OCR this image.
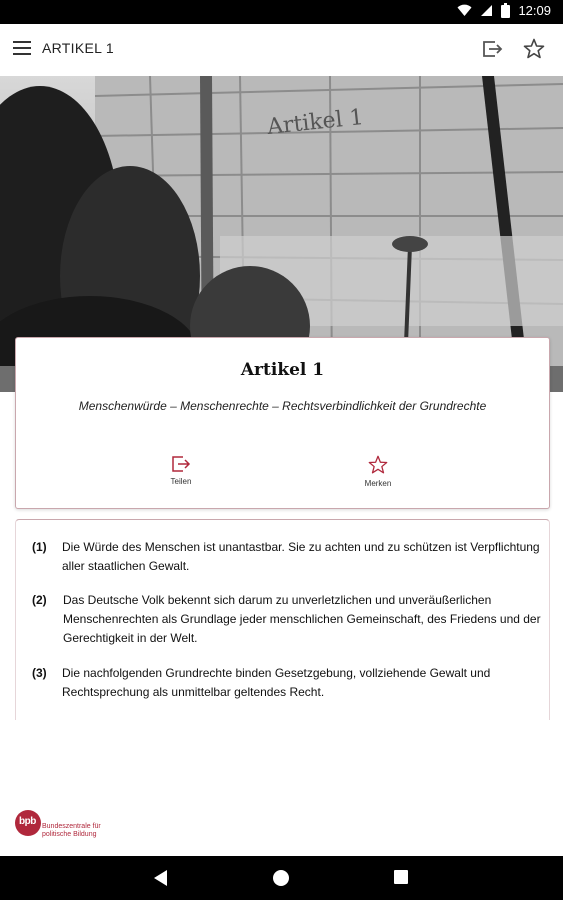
12:09
ARTIKEL 1
Artikel 1
Artikel 1
Menschenwürde – Menschenrechte – Rechtsverbindlichkeit der Grundrechte
Teilen	Merken
(1) Die Würde des Menschen ist unantastbar. Sie zu achten und zu schützen ist Verpflichtung aller staatlichen Gewalt.
(2) Das Deutsche Volk bekennt sich darum zu unverletzlichen und unveräußerlichen Menschenrechten als Grundlage jeder menschlichen Gemeinschaft, des Friedens und der Gerechtigkeit in der Welt.
(3) Die nachfolgenden Grundrechte binden Gesetzgebung, vollziehende Gewalt und Rechtsprechung als unmittelbar geltendes Recht.
bpb Bundeszentrale für
politische Bildung
